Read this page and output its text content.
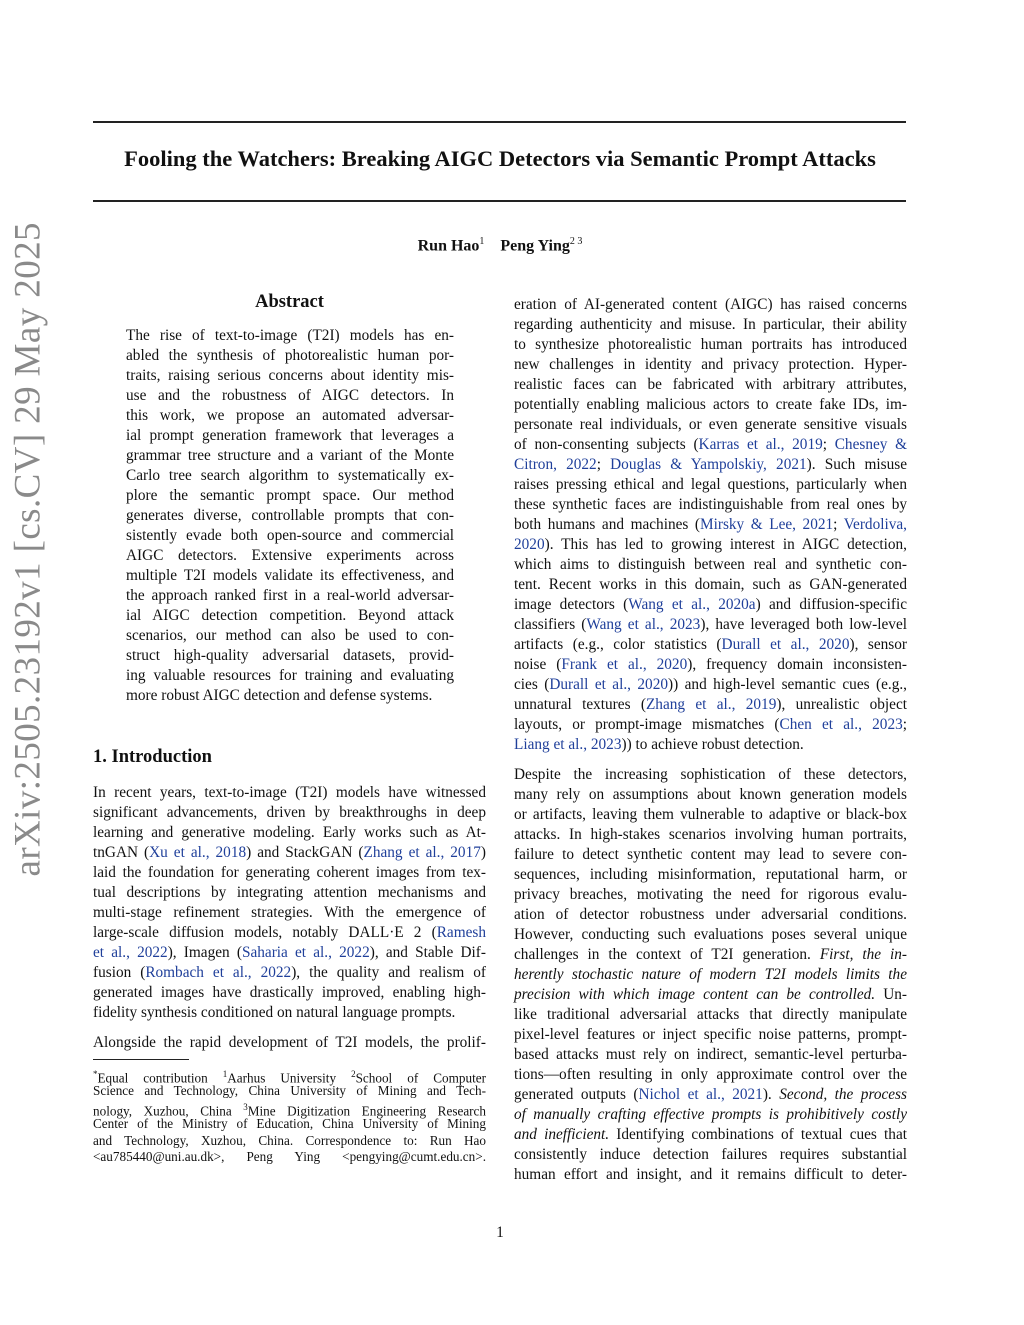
arXiv:2505.23192v1 [cs.CV] 29 May 2025
Fooling the Watchers: Breaking AIGC Detectors via Semantic Prompt Attacks
Run Hao$^1$ Peng Ying$^{2 3}$
Abstract
The rise of text-to-image (T2I) models has en-
abled the synthesis of photorealistic human por-
traits, raising serious concerns about identity mis-
use and the robustness of AIGC detectors. In
this work, we propose an automated adversar-
ial prompt generation framework that leverages a
grammar tree structure and a variant of the Monte
Carlo tree search algorithm to systematically ex-
plore the semantic prompt space. Our method
generates diverse, controllable prompts that con-
sistently evade both open-source and commercial
AIGC detectors. Extensive experiments across
multiple T2I models validate its effectiveness, and
the approach ranked first in a real-world adversar-
ial AIGC detection competition. Beyond attack
scenarios, our method can also be used to con-
struct high-quality adversarial datasets, provid-
ing valuable resources for training and evaluating
more robust AIGC detection and defense systems.
1. Introduction
In recent years, text-to-image (T2I) models have witnessed
significant advancements, driven by breakthroughs in deep
learning and generative modeling. Early works such as At-
tnGAN (Xu et al., 2018) and StackGAN (Zhang et al., 2017)
laid the foundation for generating coherent images from tex-
tual descriptions by integrating attention mechanisms and
multi-stage refinement strategies. With the emergence of
large-scale diffusion models, notably DALL·E 2 (Ramesh
et al., 2022), Imagen (Saharia et al., 2022), and Stable Dif-
fusion (Rombach et al., 2022), the quality and realism of
generated images have drastically improved, enabling high-
fidelity synthesis conditioned on natural language prompts.
Alongside the rapid development of T2I models, the prolif-
*Equal contribution $^1$Aarhus University $^2$School of Computer
Science and Technology, China University of Mining and Tech-
nology, Xuzhou, China $^3$Mine Digitization Engineering Research
Center of the Ministry of Education, China University of Mining
and Technology, Xuzhou, China. Correspondence to: Run Hao
<au785440@uni.au.dk>, Peng Ying <pengying@cumt.edu.cn>.
eration of AI-generated content (AIGC) has raised concerns
regarding authenticity and misuse. In particular, their ability
to synthesize photorealistic human portraits has introduced
new challenges in identity and privacy protection. Hyper-
realistic faces can be fabricated with arbitrary attributes,
potentially enabling malicious actors to create fake IDs, im-
personate real individuals, or even generate sensitive visuals
of non-consenting subjects (Karras et al., 2019; Chesney &
Citron, 2022; Douglas & Yampolskiy, 2021). Such misuse
raises pressing ethical and legal questions, particularly when
these synthetic faces are indistinguishable from real ones by
both humans and machines (Mirsky & Lee, 2021; Verdoliva,
2020). This has led to growing interest in AIGC detection,
which aims to distinguish between real and synthetic con-
tent. Recent works in this domain, such as GAN-generated
image detectors (Wang et al., 2020a) and diffusion-specific
classifiers (Wang et al., 2023), have leveraged both low-level
artifacts (e.g., color statistics (Durall et al., 2020), sensor
noise (Frank et al., 2020), frequency domain inconsisten-
cies (Durall et al., 2020)) and high-level semantic cues (e.g.,
unnatural textures (Zhang et al., 2019), unrealistic object
layouts, or prompt-image mismatches (Chen et al., 2023;
Liang et al., 2023)) to achieve robust detection.
Despite the increasing sophistication of these detectors,
many rely on assumptions about known generation models
or artifacts, leaving them vulnerable to adaptive or black-box
attacks. In high-stakes scenarios involving human portraits,
failure to detect synthetic content may lead to severe con-
sequences, including misinformation, reputational harm, or
privacy breaches, motivating the need for rigorous evalu-
ation of detector robustness under adversarial conditions.
However, conducting such evaluations poses several unique
challenges in the context of T2I generation. First, the in-
herently stochastic nature of modern T2I models limits the
precision with which image content can be controlled. Un-
like traditional adversarial attacks that directly manipulate
pixel-level features or inject specific noise patterns, prompt-
based attacks must rely on indirect, semantic-level perturba-
tions—often resulting in only approximate control over the
generated outputs (Nichol et al., 2021). Second, the process
of manually crafting effective prompts is prohibitively costly
and inefficient. Identifying combinations of textual cues that
consistently induce detection failures requires substantial
human effort and insight, and it remains difficult to deter-
1
